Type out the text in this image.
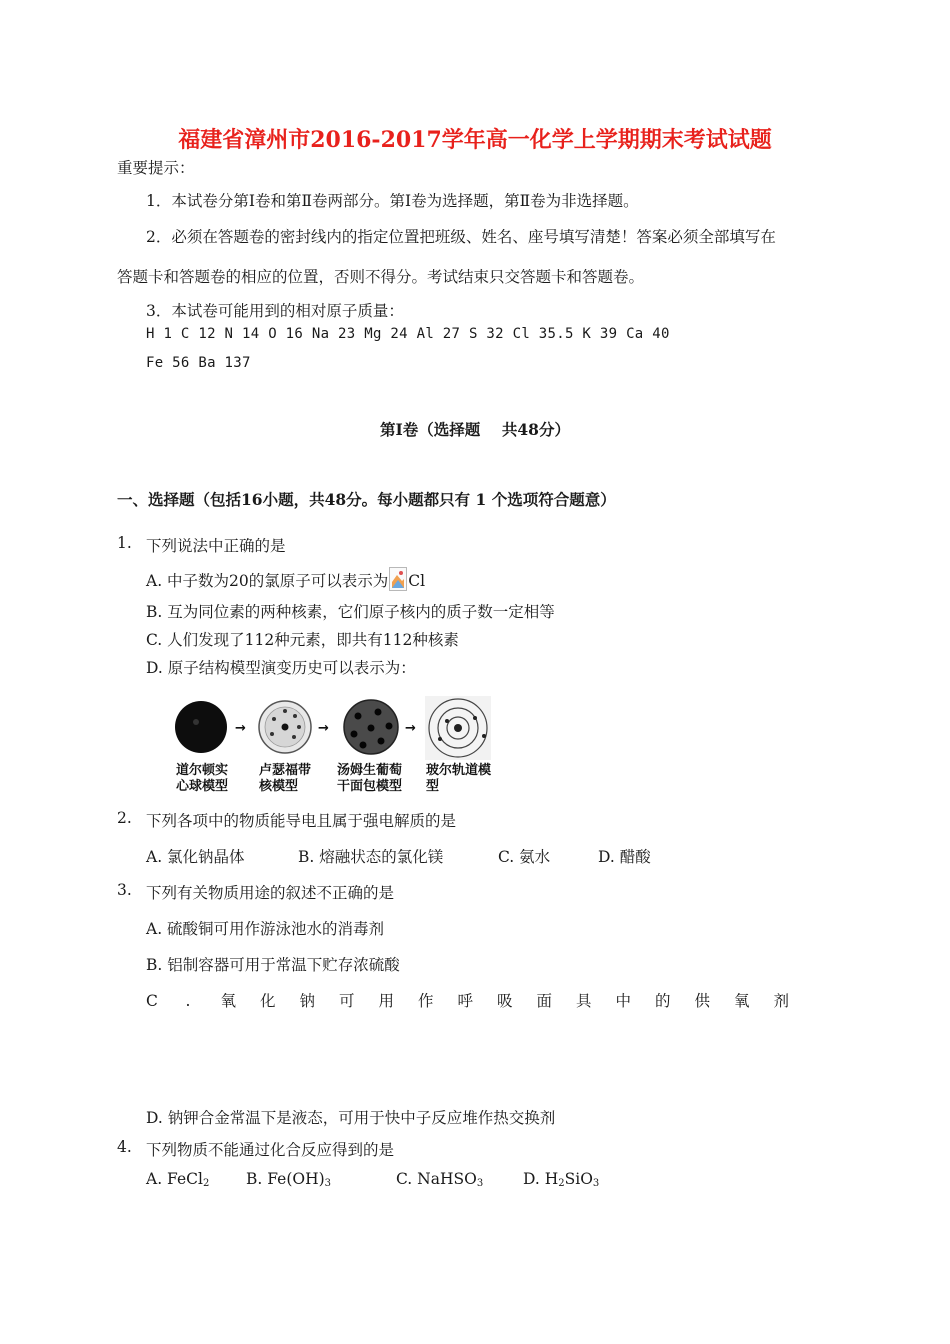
福建省漳州市2016-2017学年高一化学上学期期末考试试题
重要提示：
1．本试卷分第Ⅰ卷和第Ⅱ卷两部分。第Ⅰ卷为选择题，第Ⅱ卷为非选择题。
2．必须在答题卷的密封线内的指定位置把班级、姓名、座号填写清楚！答案必须全部填写在
答题卡和答题卷的相应的位置，否则不得分。考试结束只交答题卡和答题卷。
3．本试卷可能用到的相对原子质量：
H 1 C 12 N 14 O 16 Na 23 Mg 24 Al 27 S 32 Cl 35.5 K 39 Ca 40
Fe 56 Ba 137
第Ⅰ卷（选择题    共48分）
一、选择题（包括16小题，共48分。每小题都只有 1 个选项符合题意）
1. 下列说法中正确的是
A. 中子数为20的氯原子可以表示为 Cl
B. 互为同位素的两种核素，它们原子核内的质子数一定相等
C. 人们发现了112种元素，即共有112种核素
D. 原子结构模型演变历史可以表示为：
→	→	→
道尔顿实
心球模型
卢瑟福带
核模型
汤姆生葡萄
干面包模型
玻尔轨道模
型
2. 下列各项中的物质能导电且属于强电解质的是
A. 氯化钠晶体	B. 熔融状态的氯化镁	C. 氨水	D. 醋酸
3. 下列有关物质用途的叙述不正确的是
A. 硫酸铜可用作游泳池水的消毒剂
B. 铝制容器可用于常温下贮存浓硫酸
C . 氧 化 钠 可 用 作 呼 吸 面 具 中 的 供 氧 剂
D. 钠钾合金常温下是液态，可用于快中子反应堆作热交换剂
4. 下列物质不能通过化合反应得到的是
A. FeCl$_2$ B. $Fe(OH)_3$	C. NaHSO$_3$	D. $H_2SiO_3$
